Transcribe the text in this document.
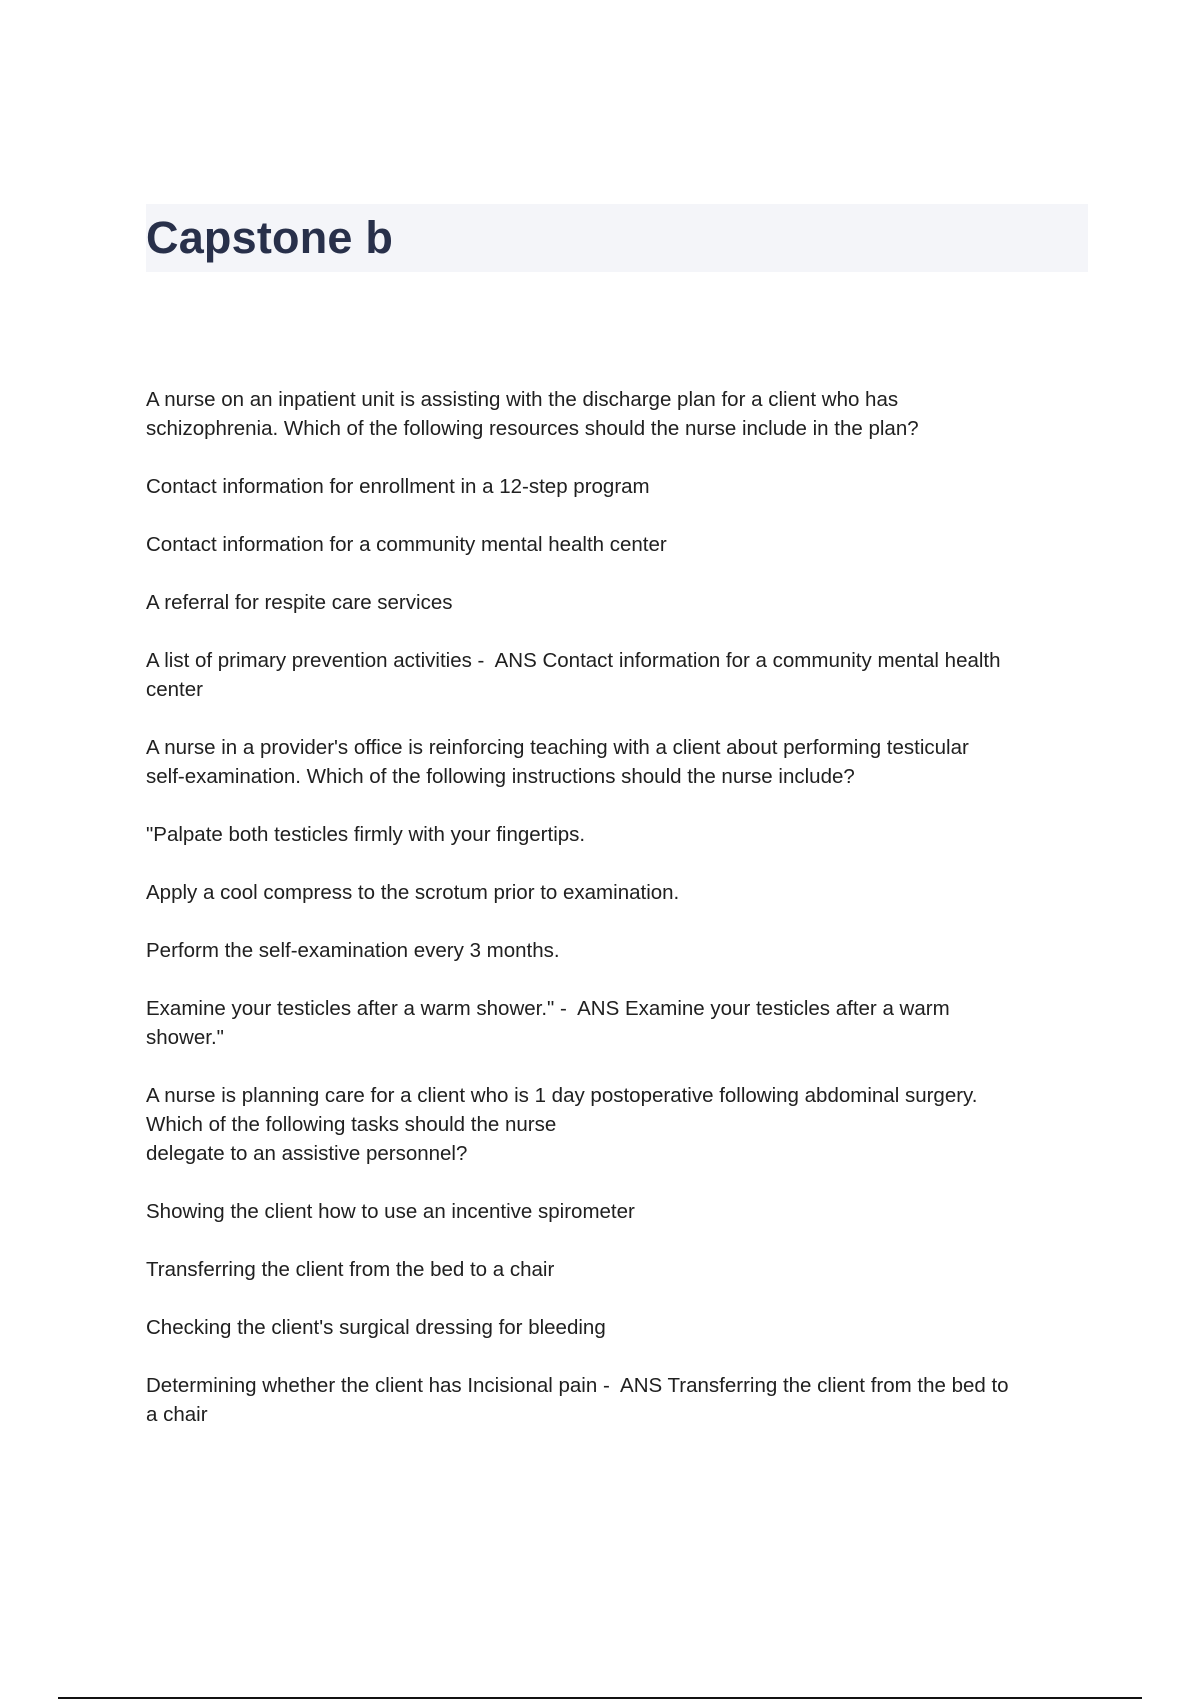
Capstone b

A nurse on an inpatient unit is assisting with the discharge plan for a client who has
schizophrenia. Which of the following resources should the nurse include in the plan?

Contact information for enrollment in a 12-step program

Contact information for a community mental health center

A referral for respite care services

A list of primary prevention activities -  ANS Contact information for a community mental health
center

A nurse in a provider's office is reinforcing teaching with a client about performing testicular
self-examination. Which of the following instructions should the nurse include?

"Palpate both testicles firmly with your fingertips.

Apply a cool compress to the scrotum prior to examination.

Perform the self-examination every 3 months.

Examine your testicles after a warm shower." -  ANS Examine your testicles after a warm
shower."

A nurse is planning care for a client who is 1 day postoperative following abdominal surgery.
Which of the following tasks should the nurse
delegate to an assistive personnel?

Showing the client how to use an incentive spirometer

Transferring the client from the bed to a chair

Checking the client's surgical dressing for bleeding

Determining whether the client has Incisional pain -  ANS Transferring the client from the bed to
a chair
